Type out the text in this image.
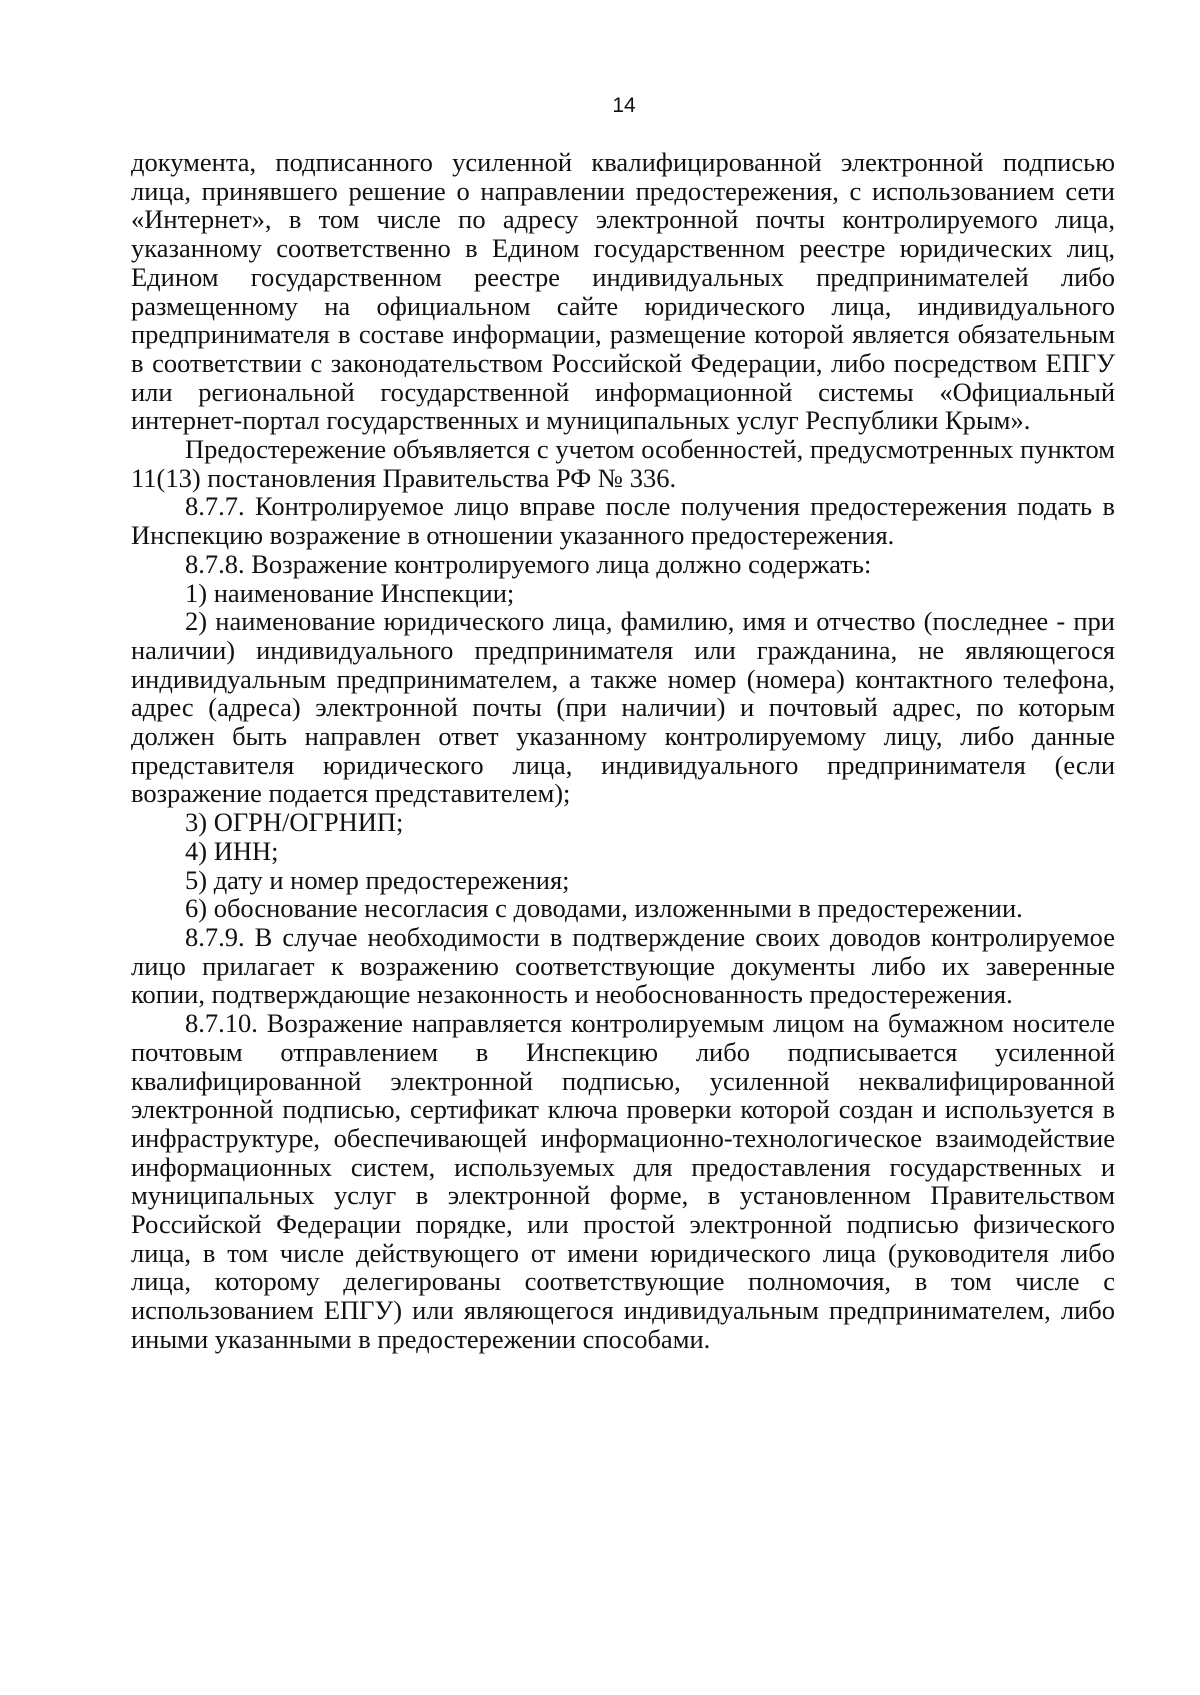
14

документа, подписанного усиленной квалифицированной электронной подписью лица, принявшего решение о направлении предостережения, с использованием сети «Интернет», в том числе по адресу электронной почты контролируемого лица, указанному соответственно в Едином государственном реестре юридических лиц, Едином государственном реестре индивидуальных предпринимателей либо размещенному на официальном сайте юридического лица, индивидуального предпринимателя в составе информации, размещение которой является обязательным в соответствии с законодательством Российской Федерации, либо посредством ЕПГУ или региональной государственной информационной системы «Официальный интернет-портал государственных и муниципальных услуг Республики Крым».

Предостережение объявляется с учетом особенностей, предусмотренных пунктом 11(13) постановления Правительства РФ № 336.

8.7.7. Контролируемое лицо вправе после получения предостережения подать в Инспекцию возражение в отношении указанного предостережения.

8.7.8. Возражение контролируемого лица должно содержать:

1) наименование Инспекции;

2) наименование юридического лица, фамилию, имя и отчество (последнее - при наличии) индивидуального предпринимателя или гражданина, не являющегося индивидуальным предпринимателем, а также номер (номера) контактного телефона, адрес (адреса) электронной почты (при наличии) и почтовый адрес, по которым должен быть направлен ответ указанному контролируемому лицу, либо данные представителя юридического лица, индивидуального предпринимателя (если возражение подается представителем);

3) ОГРН/ОГРНИП;

4) ИНН;

5) дату и номер предостережения;

6) обоснование несогласия с доводами, изложенными в предостережении.

8.7.9. В случае необходимости в подтверждение своих доводов контролируемое лицо прилагает к возражению соответствующие документы либо их заверенные копии, подтверждающие незаконность и необоснованность предостережения.

8.7.10. Возражение направляется контролируемым лицом на бумажном носителе почтовым отправлением в Инспекцию либо подписывается усиленной квалифицированной электронной подписью, усиленной неквалифицированной электронной подписью, сертификат ключа проверки которой создан и используется в инфраструктуре, обеспечивающей информационно-технологическое взаимодействие информационных систем, используемых для предоставления государственных и муниципальных услуг в электронной форме, в установленном Правительством Российской Федерации порядке, или простой электронной подписью физического лица, в том числе действующего от имени юридического лица (руководителя либо лица, которому делегированы соответствующие полномочия, в том числе с использованием ЕПГУ) или являющегося индивидуальным предпринимателем, либо иными указанными в предостережении способами.
